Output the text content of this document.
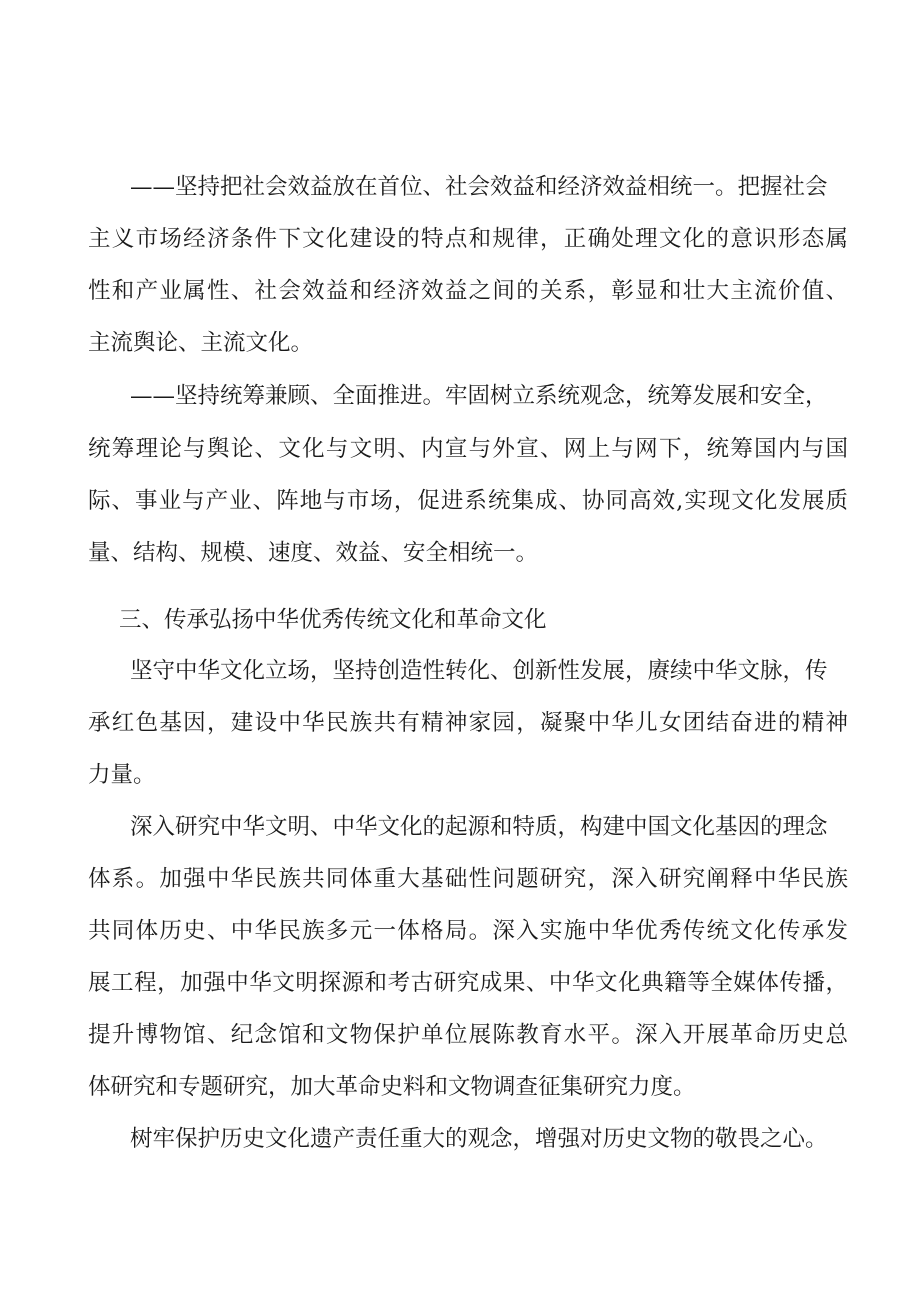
——坚持把社会效益放在首位、社会效益和经济效益相统一。把握社会
主义市场经济条件下文化建设的特点和规律，正确处理文化的意识形态属
性和产业属性、社会效益和经济效益之间的关系，彰显和壮大主流价值、
主流舆论、主流文化。
——坚持统筹兼顾、全面推进。牢固树立系统观念，统筹发展和安全，
统筹理论与舆论、文化与文明、内宣与外宣、网上与网下，统筹国内与国
际、事业与产业、阵地与市场，促进系统集成、协同高效,实现文化发展质
量、结构、规模、速度、效益、安全相统一。
三、传承弘扬中华优秀传统文化和革命文化
坚守中华文化立场，坚持创造性转化、创新性发展，赓续中华文脉，传
承红色基因，建设中华民族共有精神家园，凝聚中华儿女团结奋进的精神
力量。
深入研究中华文明、中华文化的起源和特质，构建中国文化基因的理念
体系。加强中华民族共同体重大基础性问题研究，深入研究阐释中华民族
共同体历史、中华民族多元一体格局。深入实施中华优秀传统文化传承发
展工程，加强中华文明探源和考古研究成果、中华文化典籍等全媒体传播，
提升博物馆、纪念馆和文物保护单位展陈教育水平。深入开展革命历史总
体研究和专题研究，加大革命史料和文物调查征集研究力度。
树牢保护历史文化遗产责任重大的观念，增强对历史文物的敬畏之心。
